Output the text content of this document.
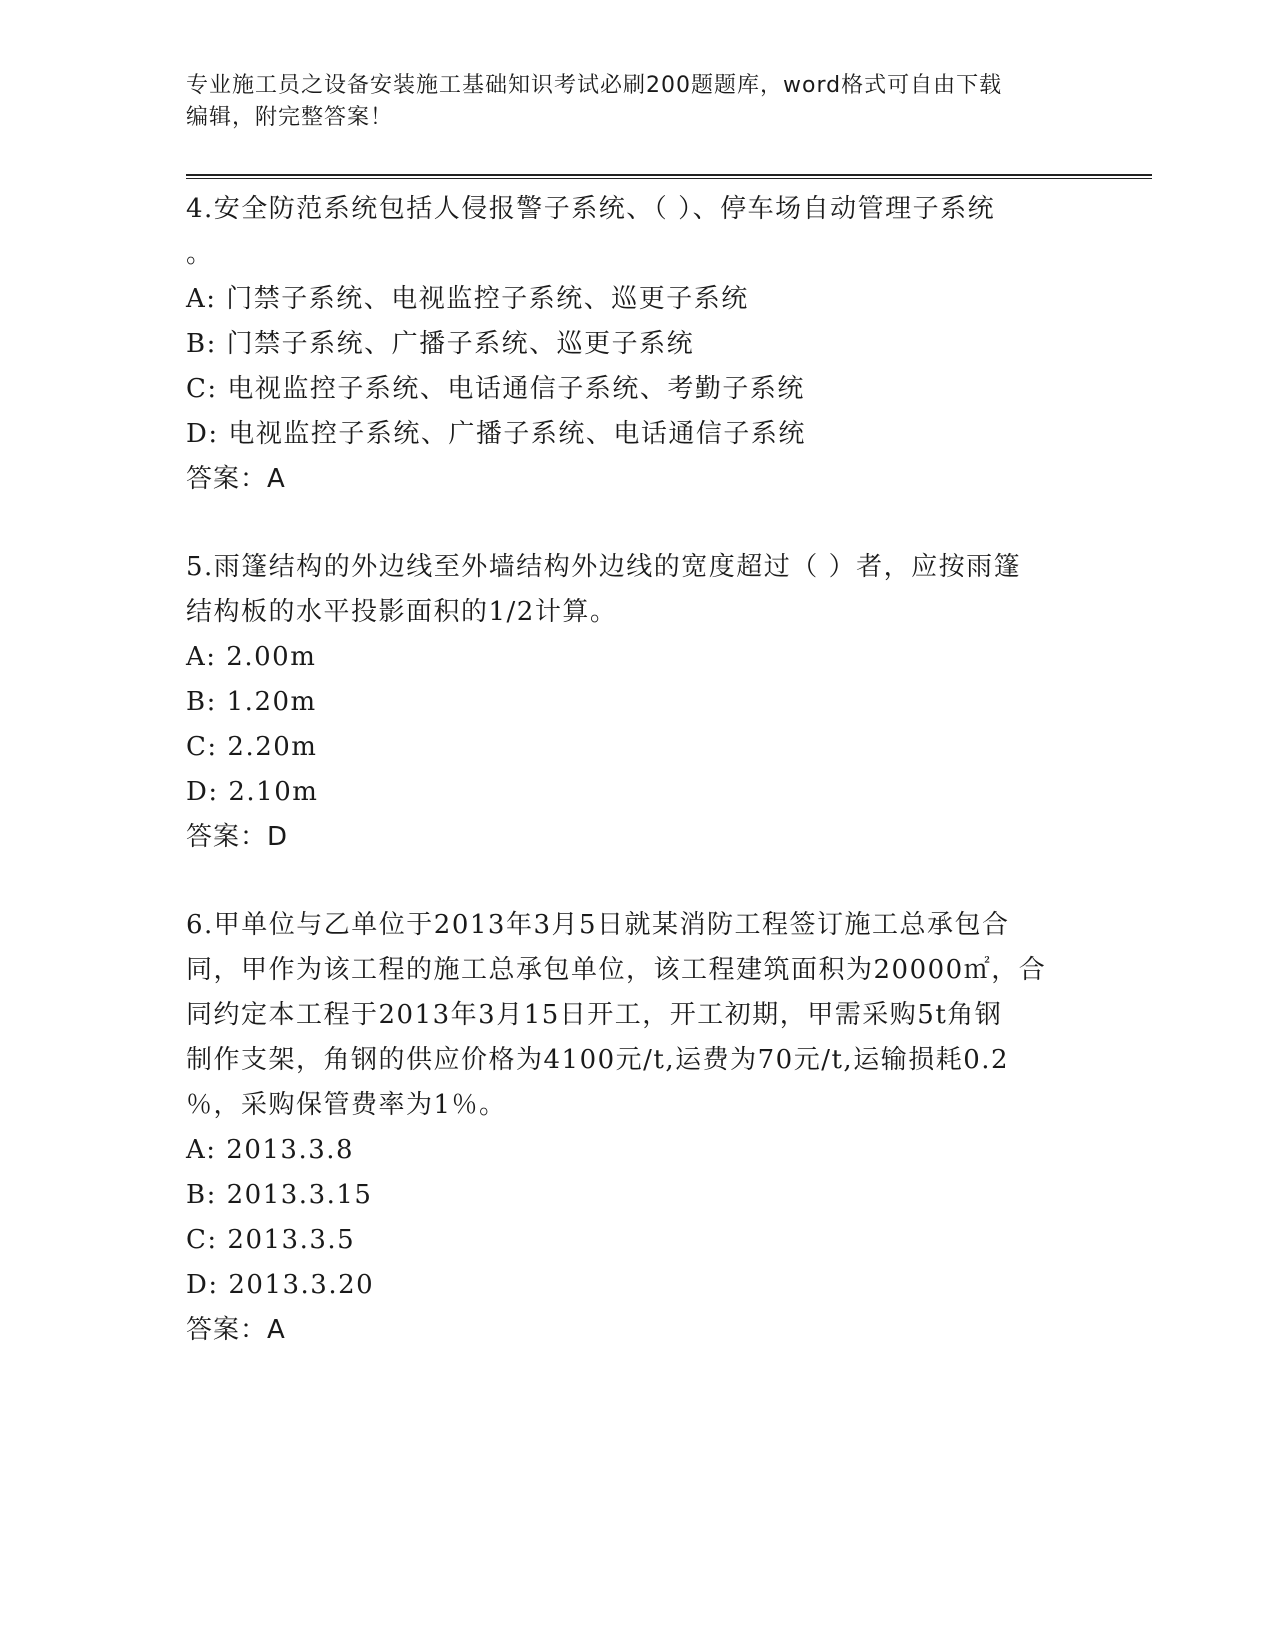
专业施工员之设备安装施工基础知识考试必刷200题题库，word格式可自由下载
编辑，附完整答案！
4.安全防范系统包括人侵报警子系统、（ ）、停车场自动管理子系统
。
A: 门禁子系统、电视监控子系统、巡更子系统
B: 门禁子系统、广播子系统、巡更子系统
C: 电视监控子系统、电话通信子系统、考勤子系统
D: 电视监控子系统、广播子系统、电话通信子系统
答案：A
5.雨篷结构的外边线至外墙结构外边线的宽度超过（ ）者，应按雨篷
结构板的水平投影面积的1/2计算。
A: 2.00m
B: 1.20m
C: 2.20m
D: 2.10m
答案：D
6.甲单位与乙单位于2013年3月5日就某消防工程签订施工总承包合
同，甲作为该工程的施工总承包单位，该工程建筑面积为20000㎡，合
同约定本工程于2013年3月15日开工，开工初期，甲需采购5t角钢
制作支架，角钢的供应价格为4100元/t,运费为70元/t,运输损耗0.2
％，采购保管费率为1％。
A: 2013.3.8
B: 2013.3.15
C: 2013.3.5
D: 2013.3.20
答案：A
